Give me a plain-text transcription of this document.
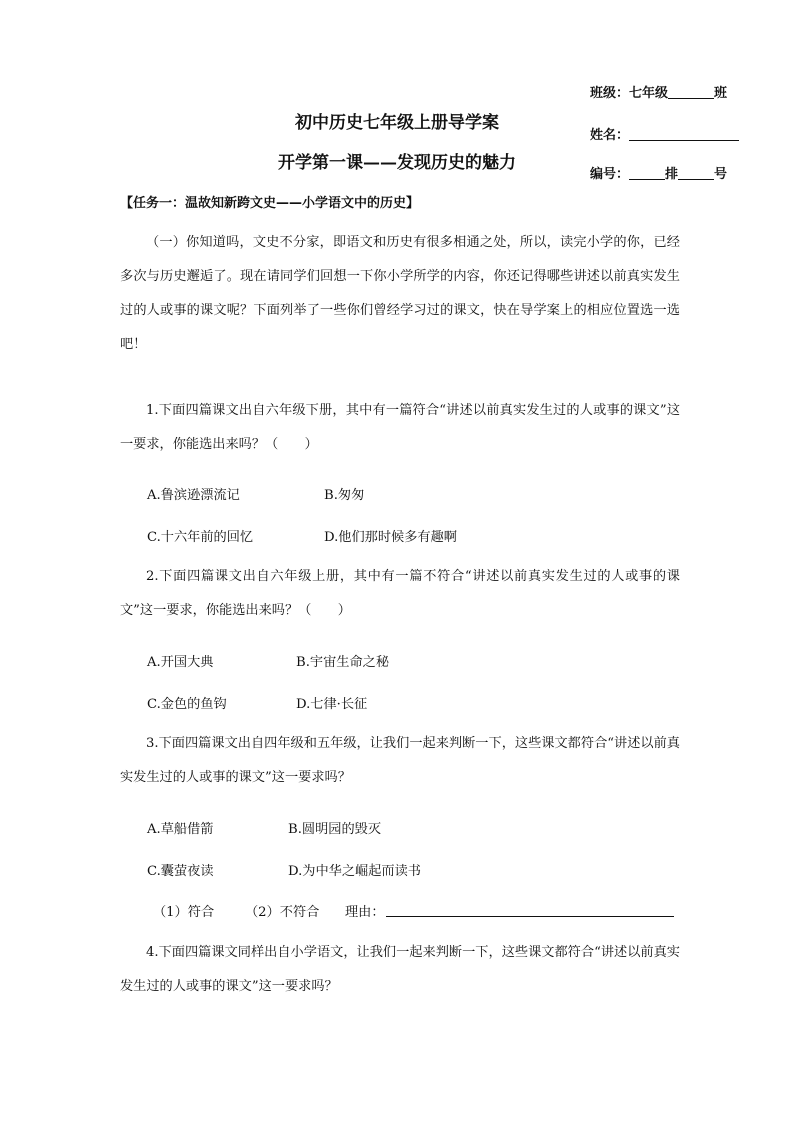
班级：七年级	班
姓名：
编号：	排	号
初中历史七年级上册导学案
开学第一课——发现历史的魅力
【任务一：温故知新跨文史——小学语文中的历史】
（一）你知道吗，文史不分家，即语文和历史有很多相通之处，所以，读完小学的你，已经多次与历史邂逅了。现在请同学们回想一下你小学所学的内容，你还记得哪些讲述以前真实发生过的人或事的课文呢？下面列举了一些你们曾经学习过的课文，快在导学案上的相应位置选一选吧！
1.下面四篇课文出自六年级下册，其中有一篇符合“讲述以前真实发生过的人或事的课文”这一要求，你能选出来吗？（　　）
A.鲁滨逊漂流记	B.匆匆
C.十六年前的回忆	D.他们那时候多有趣啊
2.下面四篇课文出自六年级上册，其中有一篇不符合“讲述以前真实发生过的人或事的课文”这一要求，你能选出来吗？（　　）
A.开国大典	B.宇宙生命之秘
C.金色的鱼钩	D.七律·长征
3.下面四篇课文出自四年级和五年级，让我们一起来判断一下，这些课文都符合“讲述以前真实发生过的人或事的课文”这一要求吗？
A.草船借箭	B.圆明园的毁灭
C.囊萤夜读	D.为中华之崛起而读书
（1）符合 （2）不符合 理由：
4.下面四篇课文同样出自小学语文，让我们一起来判断一下，这些课文都符合“讲述以前真实发生过的人或事的课文”这一要求吗？
